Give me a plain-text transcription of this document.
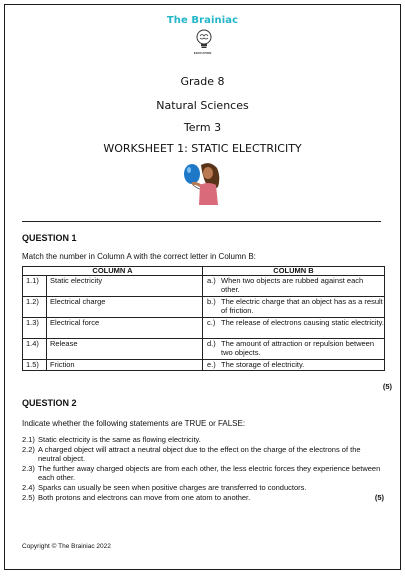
The Brainiac
EDUCATION
Grade 8
Natural Sciences
Term 3
WORKSHEET 1: STATIC ELECTRICITY
QUESTION 1
Match the number in Column A with the correct letter in Column B:
COLUMN A	COLUMN B

1.1) Static electricity	a.) When two objects are rubbed against each other.

1.2) Electrical charge	b.) The electric charge that an object has as a result of friction.

1.3) Electrical force	c.) The release of electrons causing static electricity.

1.4) Release	d.) The amount of attraction or repulsion between two objects.

1.5) Friction	e.) The storage of electricity.
(5)
QUESTION 2
Indicate whether the following statements are TRUE or FALSE:
2.1) Static electricity is the same as flowing electricity.
2.2) A charged object will attract a neutral object due to the effect on the charge of the electrons of the neutral object.
2.3) The further away charged objects are from each other, the less electric forces they experience between each other.
2.4) Sparks can usually be seen when positive charges are transferred to conductors.
2.5) Both protons and electrons can move from one atom to another.	(5)
Copyright © The Brainiac 2022
